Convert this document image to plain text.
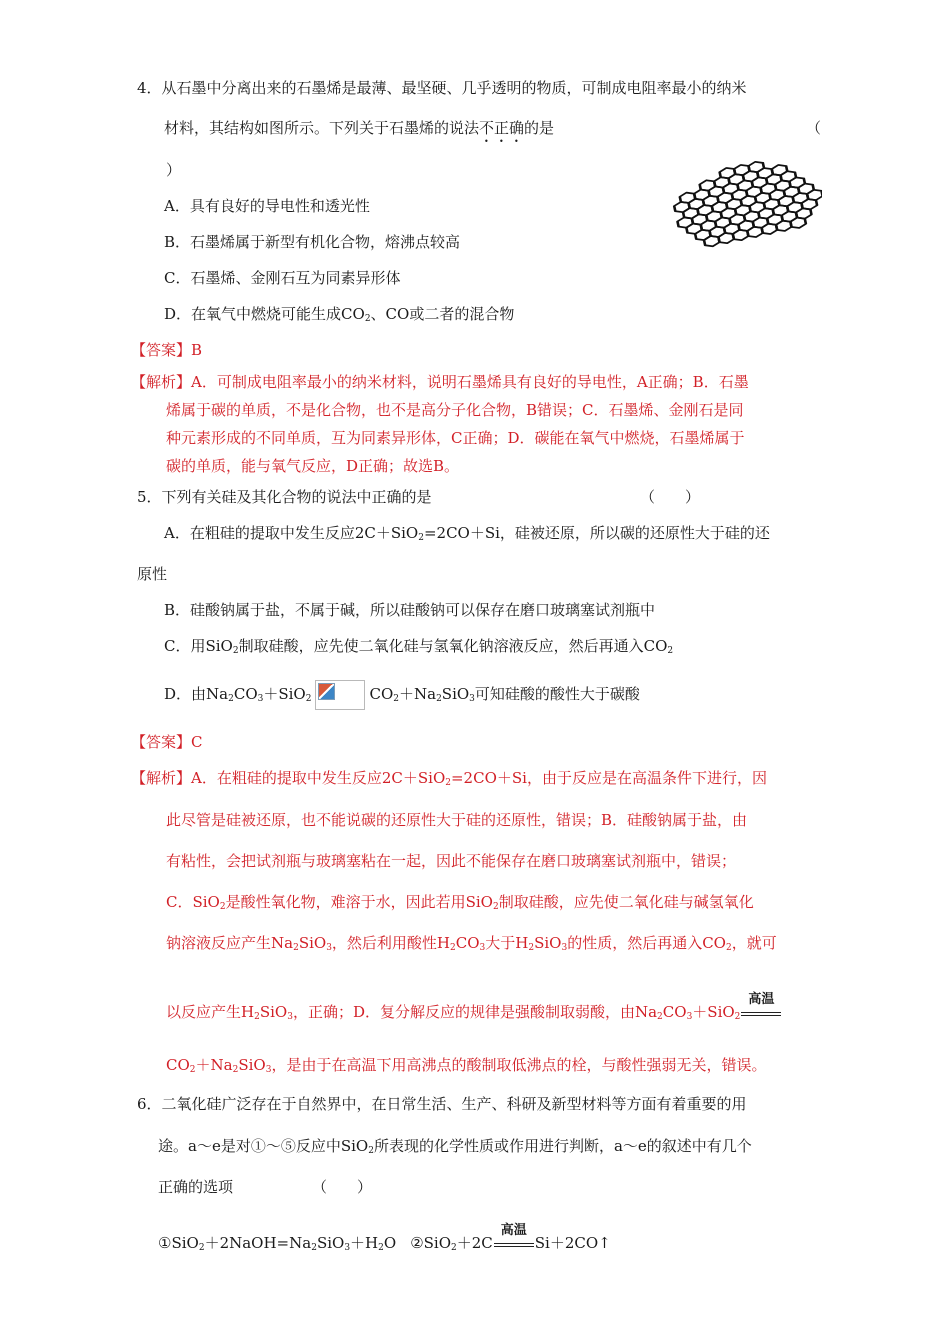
4．从石墨中分离出来的石墨烯是最薄、最坚硬、几乎透明的物质，可制成电阻率最小的纳米
材料，其结构如图所示。下列关于石墨烯的说法不正确的是	（
）
A．具有良好的导电性和透光性
B．石墨烯属于新型有机化合物，熔沸点较高
C．石墨烯、金刚石互为同素异形体
D．在氧气中燃烧可能生成$CO_2$、CO或二者的混合物
【答案】B
【解析】A．可制成电阻率最小的纳米材料，说明石墨烯具有良好的导电性，A正确；B．石墨
烯属于碳的单质，不是化合物，也不是高分子化合物，B错误；C．石墨烯、金刚石是同
种元素形成的不同单质，互为同素异形体，C正确；D．碳能在氧气中燃烧，石墨烯属于
碳的单质，能与氧气反应，D正确；故选B。
5．下列有关硅及其化合物的说法中正确的是	（　　）
A．在粗硅的提取中发生反应2C＋SiO$_2$=2CO＋Si，硅被还原，所以碳的还原性大于硅的还
原性
B．硅酸钠属于盐，不属于碱，所以硅酸钠可以保存在磨口玻璃塞试剂瓶中
C．用SiO$_2$制取硅酸，应先使二氧化硅与氢氧化钠溶液反应，然后再通入$CO_2$
D．由$Na_2CO_3+SiO_2$	$CO_2+Na_2SiO_3$可知硅酸的酸性大于碳酸
【答案】C
【解析】A．在粗硅的提取中发生反应2C＋SiO$_2$=2CO＋Si，由于反应是在高温条件下进行，因
此尽管是硅被还原，也不能说碳的还原性大于硅的还原性，错误；B．硅酸钠属于盐，由
有粘性，会把试剂瓶与玻璃塞粘在一起，因此不能保存在磨口玻璃塞试剂瓶中，错误；
C．SiO$_2$是酸性氧化物，难溶于水，因此若用SiO$_2$制取硅酸，应先使二氧化硅与碱氢氧化
钠溶液反应产生$Na_2SiO_3$，然后利用酸性$H_2CO_3$大于$H_2SiO_3$的性质，然后再通入$CO_2$，就可
以反应产生$H_2SiO_3$，正确；D．复分解反应的规律是强酸制取弱酸，由$Na_2CO_3+SiO_2$
高温
$CO_2+Na_2SiO_3$，是由于在高温下用高沸点的酸制取低沸点的栓，与酸性强弱无关，错误。
6．二氧化硅广泛存在于自然界中，在日常生活、生产、科研及新型材料等方面有着重要的用
途。a～e是对①～⑤反应中SiO$_2$所表现的化学性质或作用进行判断，a～e的叙述中有几个
正确的选项	（　　）
$①SiO_2+2NaOH=Na_2SiO_3+H_2O$ ②SiO$_2$＋2C
高温
Si＋2CO↑
